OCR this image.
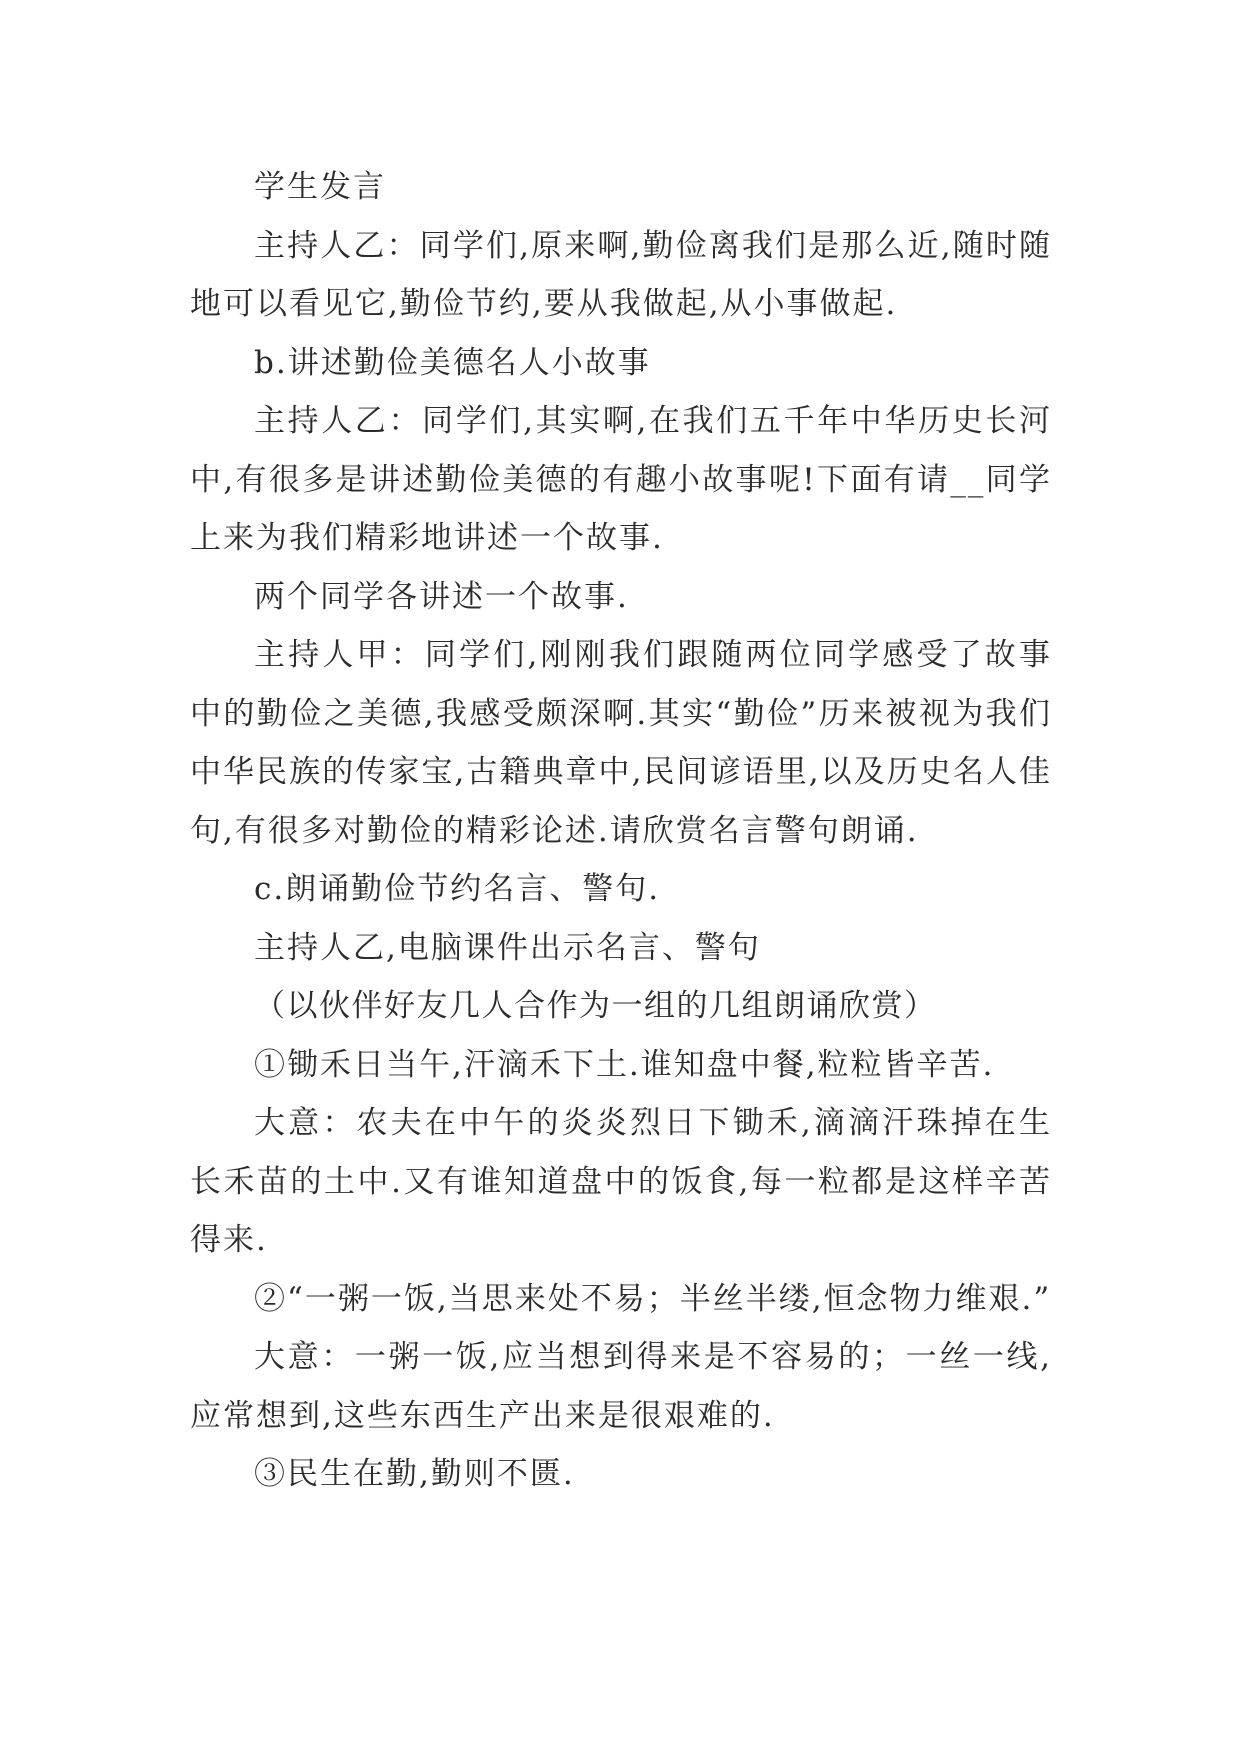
学生发言

主持人乙：同学们,原来啊,勤俭离我们是那么近,随时随地可以看见它,勤俭节约,要从我做起,从小事做起.

b.讲述勤俭美德名人小故事

主持人乙：同学们,其实啊,在我们五千年中华历史长河中,有很多是讲述勤俭美德的有趣小故事呢!下面有请__同学上来为我们精彩地讲述一个故事.

两个同学各讲述一个故事.

主持人甲：同学们,刚刚我们跟随两位同学感受了故事中的勤俭之美德,我感受颇深啊.其实“勤俭”历来被视为我们中华民族的传家宝,古籍典章中,民间谚语里,以及历史名人佳句,有很多对勤俭的精彩论述.请欣赏名言警句朗诵.

c.朗诵勤俭节约名言、警句.

主持人乙,电脑课件出示名言、警句

（以伙伴好友几人合作为一组的几组朗诵欣赏）

①锄禾日当午,汗滴禾下土.谁知盘中餐,粒粒皆辛苦.

大意：农夫在中午的炎炎烈日下锄禾,滴滴汗珠掉在生长禾苗的土中.又有谁知道盘中的饭食,每一粒都是这样辛苦得来.

②“一粥一饭,当思来处不易；半丝半缕,恒念物力维艰.”

大意：一粥一饭,应当想到得来是不容易的；一丝一线,应常想到,这些东西生产出来是很艰难的.

③民生在勤,勤则不匮.
